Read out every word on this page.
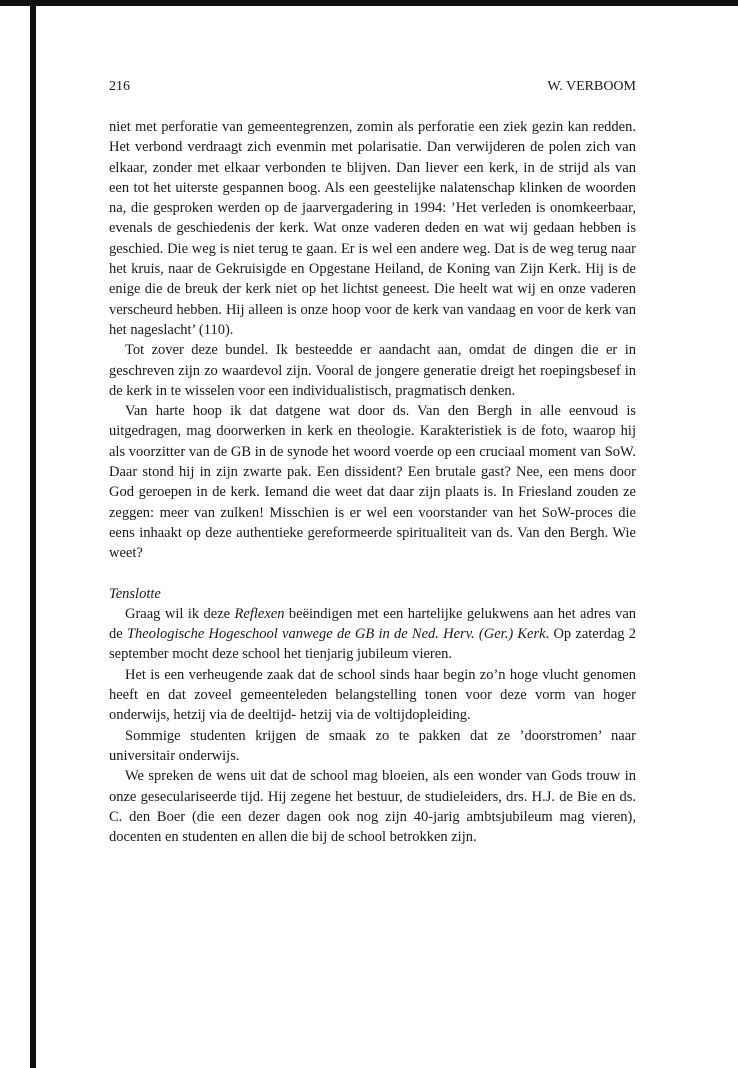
216	W. VERBOOM

niet met perforatie van gemeentegrenzen, zomin als perforatie een ziek gezin kan redden. Het verbond verdraagt zich evenmin met polarisatie. Dan verwijderen de polen zich van elkaar, zonder met elkaar verbonden te blijven. Dan liever een kerk, in de strijd als van een tot het uiterste gespannen boog. Als een geestelijke nalatenschap klinken de woorden na, die gesproken werden op de jaarvergadering in 1994: ’Het verleden is onomkeerbaar, evenals de geschiedenis der kerk. Wat onze vaderen deden en wat wij gedaan hebben is geschied. Die weg is niet terug te gaan. Er is wel een andere weg. Dat is de weg terug naar het kruis, naar de Gekruisigde en Opgestane Heiland, de Koning van Zijn Kerk. Hij is de enige die de breuk der kerk niet op het lichtst geneest. Die heelt wat wij en onze vaderen verscheurd hebben. Hij alleen is onze hoop voor de kerk van vandaag en voor de kerk van het nageslacht’ (110).

Tot zover deze bundel. Ik besteedde er aandacht aan, omdat de dingen die er in geschreven zijn zo waardevol zijn. Vooral de jongere generatie dreigt het roepingsbesef in de kerk in te wisselen voor een individualistisch, pragmatisch denken.

Van harte hoop ik dat datgene wat door ds. Van den Bergh in alle eenvoud is uitgedragen, mag doorwerken in kerk en theologie. Karakteristiek is de foto, waarop hij als voorzitter van de GB in de synode het woord voerde op een cruciaal moment van SoW. Daar stond hij in zijn zwarte pak. Een dissident? Een brutale gast? Nee, een mens door God geroepen in de kerk. Iemand die weet dat daar zijn plaats is. In Friesland zouden ze zeggen: meer van zulken! Misschien is er wel een voorstander van het SoW-proces die eens inhaakt op deze authentieke gereformeerde spiritualiteit van ds. Van den Bergh. Wie weet?

Tenslotte

Graag wil ik deze Reflexen beëindigen met een hartelijke gelukwens aan het adres van de Theologische Hogeschool vanwege de GB in de Ned. Herv. (Ger.) Kerk. Op zaterdag 2 september mocht deze school het tienjarig jubileum vieren.

Het is een verheugende zaak dat de school sinds haar begin zo’n hoge vlucht genomen heeft en dat zoveel gemeenteleden belangstelling tonen voor deze vorm van hoger onderwijs, hetzij via de deeltijd- hetzij via de voltijdopleiding.

Sommige studenten krijgen de smaak zo te pakken dat ze ’doorstromen’ naar universitair onderwijs.

We spreken de wens uit dat de school mag bloeien, als een wonder van Gods trouw in onze geseculariseerde tijd. Hij zegene het bestuur, de studieleiders, drs. H.J. de Bie en ds. C. den Boer (die een dezer dagen ook nog zijn 40-jarig ambtsjubileum mag vieren), docenten en studenten en allen die bij de school betrokken zijn.
